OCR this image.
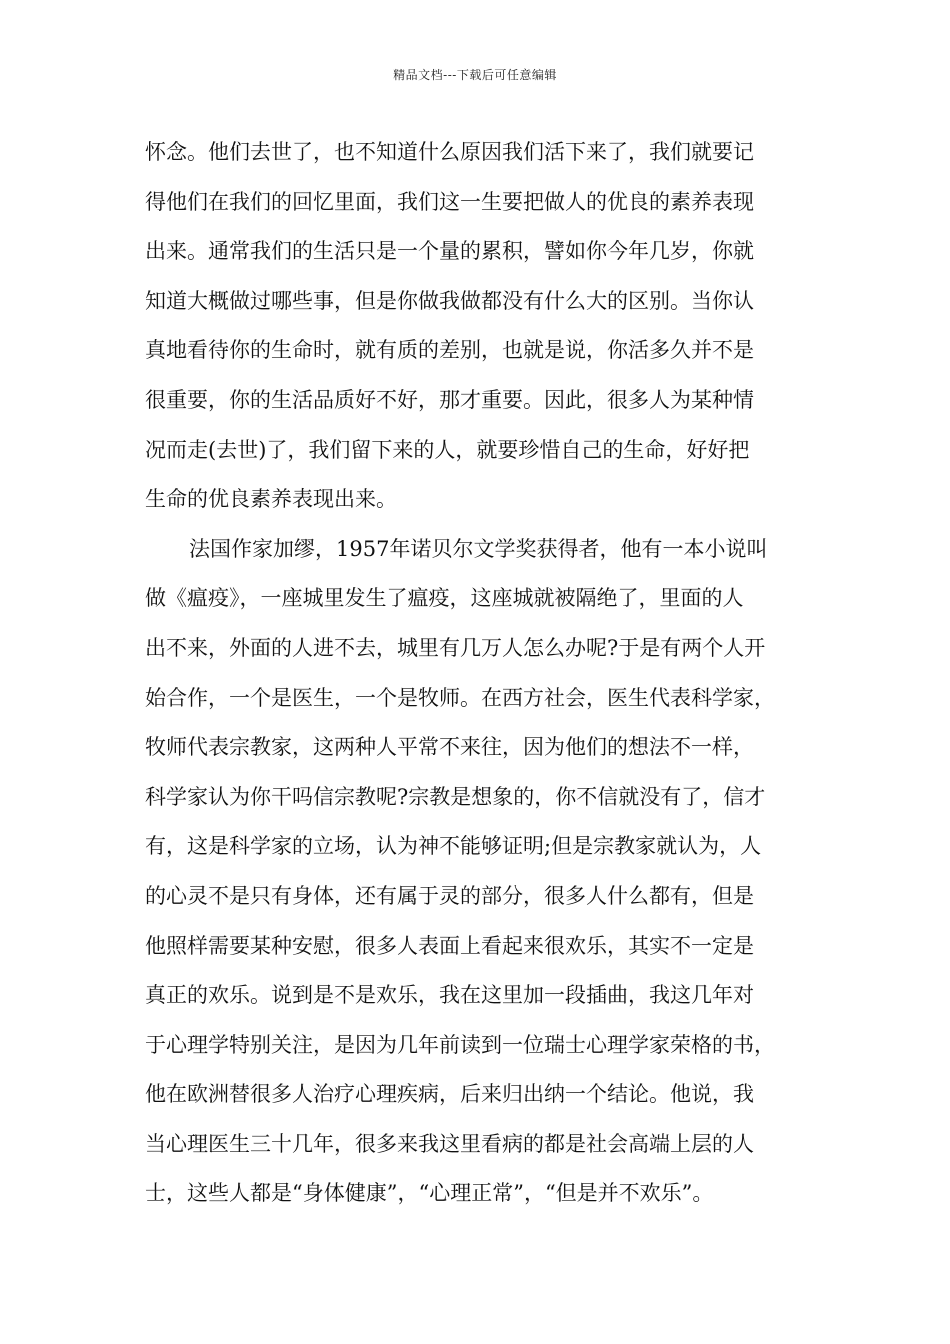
精品文档---下载后可任意编辑
怀念。他们去世了，也不知道什么原因我们活下来了，我们就要记
得他们在我们的回忆里面，我们这一生要把做人的优良的素养表现
出来。通常我们的生活只是一个量的累积，譬如你今年几岁，你就
知道大概做过哪些事，但是你做我做都没有什么大的区别。当你认
真地看待你的生命时，就有质的差别，也就是说，你活多久并不是
很重要，你的生活品质好不好，那才重要。因此，很多人为某种情
况而走(去世)了，我们留下来的人，就要珍惜自己的生命，好好把
生命的优良素养表现出来。
法国作家加缪，1957年诺贝尔文学奖获得者，他有一本小说叫
做《瘟疫》，一座城里发生了瘟疫，这座城就被隔绝了，里面的人
出不来，外面的人进不去，城里有几万人怎么办呢?于是有两个人开
始合作，一个是医生，一个是牧师。在西方社会，医生代表科学家，
牧师代表宗教家，这两种人平常不来往，因为他们的想法不一样，
科学家认为你干吗信宗教呢?宗教是想象的，你不信就没有了，信才
有，这是科学家的立场，认为神不能够证明;但是宗教家就认为，人
的心灵不是只有身体，还有属于灵的部分，很多人什么都有，但是
他照样需要某种安慰，很多人表面上看起来很欢乐，其实不一定是
真正的欢乐。说到是不是欢乐，我在这里加一段插曲，我这几年对
于心理学特别关注，是因为几年前读到一位瑞士心理学家荣格的书，
他在欧洲替很多人治疗心理疾病，后来归出纳一个结论。他说，我
当心理医生三十几年，很多来我这里看病的都是社会高端上层的人
士，这些人都是“身体健康”，“心理正常”，“但是并不欢乐”。
